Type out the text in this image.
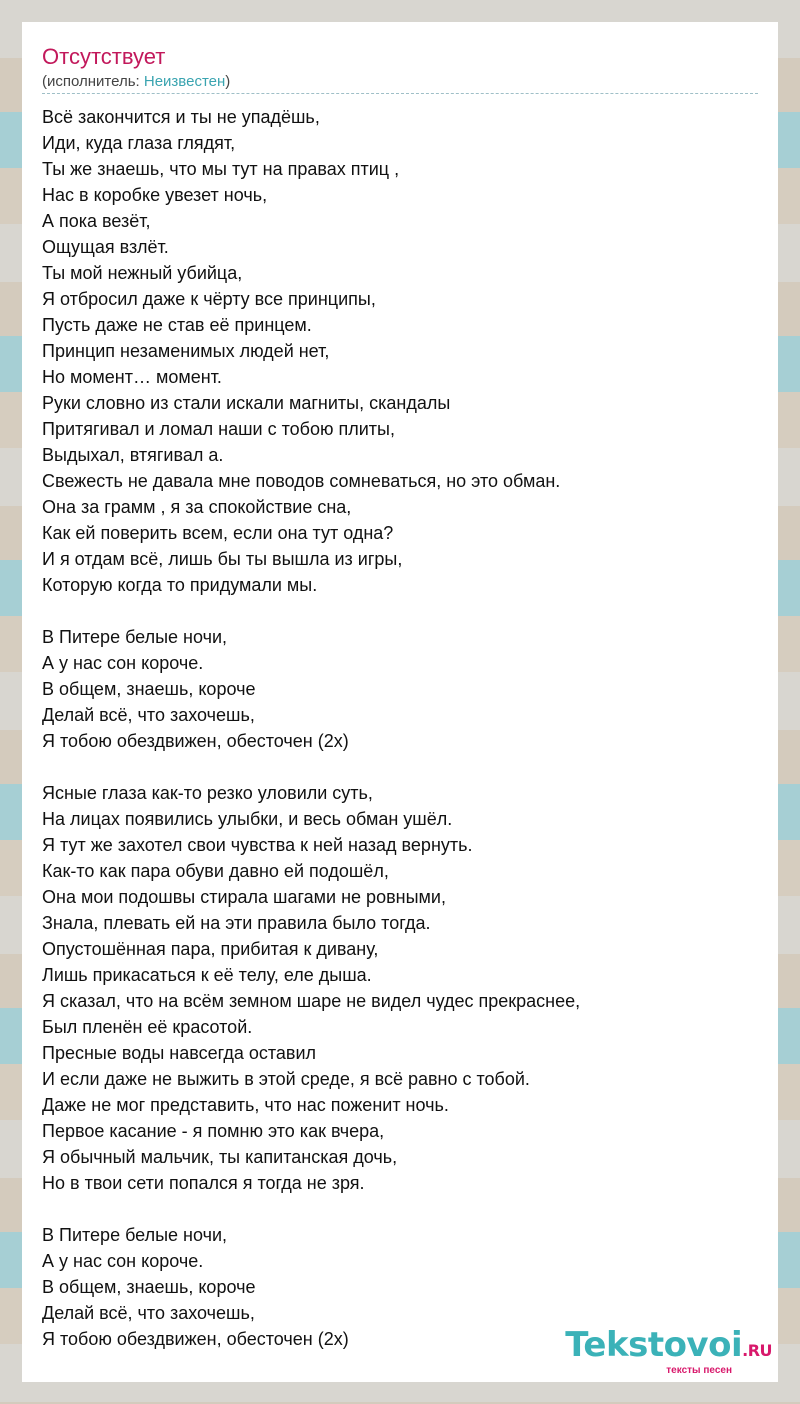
Отсутствует
(исполнитель: Неизвестен)
Всё закончится и ты не упадёшь,
Иди, куда глаза глядят,
Ты же знаешь, что мы тут на правах птиц ,
Нас в коробке увезет ночь,
А пока везёт,
Ощущая взлёт.
Ты мой нежный убийца,
Я отбросил даже к чёрту все принципы,
Пусть даже не став её принцем.
Принцип незаменимых людей нет,
Но момент… момент.
Руки словно из стали искали магниты, скандалы
Притягивал и ломал наши с тобою плиты,
Выдыхал, втягивал а.
Свежесть не давала мне поводов сомневаться, но это обман.
Она за грамм , я за спокойствие сна,
Как ей поверить всем, если она тут одна?
И я отдам всё, лишь бы ты вышла из игры,
Которую когда то придумали мы.
В Питере белые ночи,
А у нас сон короче.
В общем, знаешь, короче
Делай всё, что захочешь,
Я тобою обездвижен, обесточен (2х)
Ясные глаза как-то резко уловили суть,
На лицах появились улыбки, и весь обман ушёл.
Я тут же захотел свои чувства к ней назад вернуть.
Как-то как пара обуви давно ей подошёл,
Она мои подошвы стирала шагами не ровными,
Знала, плевать ей на эти правила было тогда.
Опустошённая пара, прибитая к дивану,
Лишь прикасаться к её телу, еле дыша.
Я сказал, что на всём земном шаре не видел чудес прекраснее,
Был пленён её красотой.
Пресные воды навсегда оставил
И если даже не выжить в этой среде, я всё равно с тобой.
Даже не мог представить, что нас поженит ночь.
Первое касание - я помню это как вчера,
Я обычный мальчик, ты капитанская дочь,
Но в твои сети попался я тогда не зря.
В Питере белые ночи,
А у нас сон короче.
В общем, знаешь, короче
Делай всё, что захочешь,
Я тобою обездвижен, обесточен (2х)	Tekstovoi.RU
тексты песен
